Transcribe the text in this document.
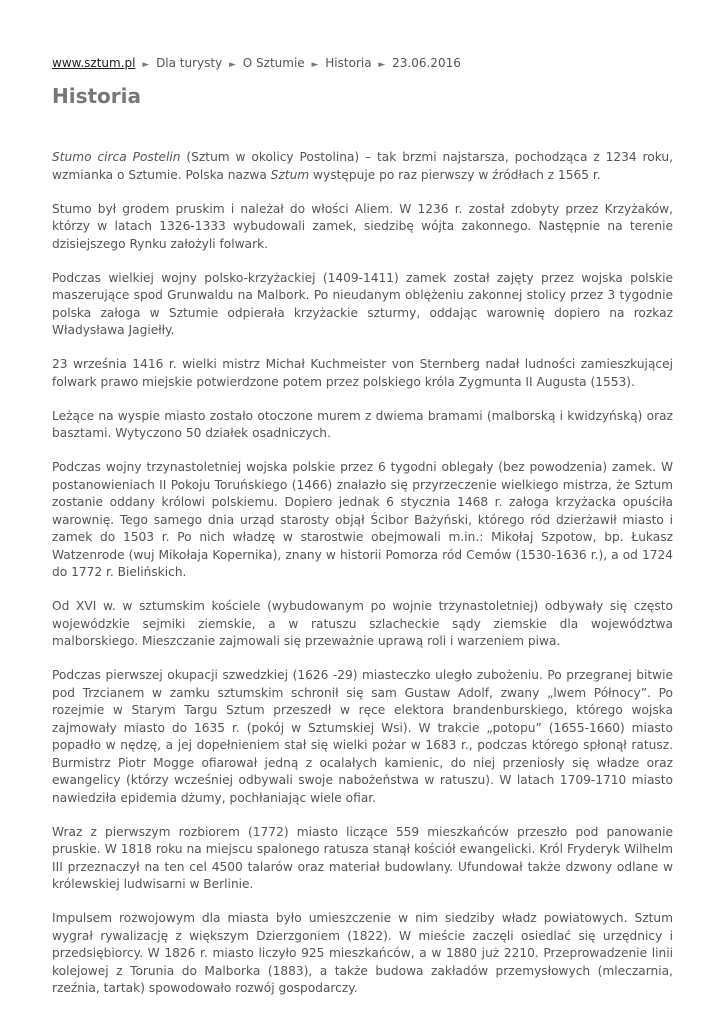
www.sztum.pl ► Dla turysty ► O Sztumie ► Historia ► 23.06.2016
Historia

Stumo circa Postelin (Sztum w okolicy Postolina) – tak brzmi najstarsza, pochodząca z 1234 roku, wzmianka o Sztumie. Polska nazwa Sztum występuje po raz pierwszy w źródłach z 1565 r.

Stumo był grodem pruskim i należał do włości Aliem. W 1236 r. został zdobyty przez Krzyżaków, którzy w latach 1326-1333 wybudowali zamek, siedzibę wójta zakonnego. Następnie na terenie dzisiejszego Rynku założyli folwark.

Podczas wielkiej wojny polsko-krzyżackiej (1409-1411) zamek został zajęty przez wojska polskie maszerujące spod Grunwaldu na Malbork. Po nieudanym oblężeniu zakonnej stolicy przez 3 tygodnie polska załoga w Sztumie odpierała krzyżackie szturmy, oddając warownię dopiero na rozkaz Władysława Jagiełły.

23 września 1416 r. wielki mistrz Michał Kuchmeister von Sternberg nadał ludności zamieszkującej folwark prawo miejskie potwierdzone potem przez polskiego króla Zygmunta II Augusta (1553).

Leżące na wyspie miasto zostało otoczone murem z dwiema bramami (malborską i kwidzyńską) oraz basztami. Wytyczono 50 działek osadniczych.

Podczas wojny trzynastoletniej wojska polskie przez 6 tygodni oblegały (bez powodzenia) zamek. W postanowieniach II Pokoju Toruńskiego (1466) znalazło się przyrzeczenie wielkiego mistrza, że Sztum zostanie oddany królowi polskiemu. Dopiero jednak 6 stycznia 1468 r. załoga krzyżacka opuściła warownię. Tego samego dnia urząd starosty objął Ścibor Bażyński, którego ród dzierżawił miasto i zamek do 1503 r. Po nich władzę w starostwie obejmowali m.in.: Mikołaj Szpotow, bp. Łukasz Watzenrode (wuj Mikołaja Kopernika), znany w historii Pomorza ród Cemów (1530-1636 r.), a od 1724 do 1772 r. Bielińskich.

Od XVI w. w sztumskim kościele (wybudowanym po wojnie trzynastoletniej) odbywały się często wojewódzkie sejmiki ziemskie, a w ratuszu szlacheckie sądy ziemskie dla województwa malborskiego. Mieszczanie zajmowali się przeważnie uprawą roli i warzeniem piwa.

Podczas pierwszej okupacji szwedzkiej (1626 -29) miasteczko uległo zubożeniu. Po przegranej bitwie pod Trzcianem w zamku sztumskim schronił się sam Gustaw Adolf, zwany „lwem Północy”. Po rozejmie w Starym Targu Sztum przeszedł w ręce elektora brandenburskiego, którego wojska zajmowały miasto do 1635 r. (pokój w Sztumskiej Wsi). W trakcie „potopu” (1655-1660) miasto popadło w nędzę, a jej dopełnieniem stał się wielki pożar w 1683 r., podczas którego spłonął ratusz. Burmistrz Piotr Mogge ofiarował jedną z ocalałych kamienic, do niej przeniosły się władze oraz ewangelicy (którzy wcześniej odbywali swoje nabożeństwa w ratuszu). W latach 1709-1710 miasto nawiedziła epidemia dżumy, pochłaniając wiele ofiar.

Wraz z pierwszym rozbiorem (1772) miasto liczące 559 mieszkańców przeszło pod panowanie pruskie. W 1818 roku na miejscu spalonego ratusza stanął kościół ewangelicki. Król Fryderyk Wilhelm III przeznaczył na ten cel 4500 talarów oraz materiał budowlany. Ufundował także dzwony odlane w królewskiej ludwisarni w Berlinie.

Impulsem rozwojowym dla miasta było umieszczenie w nim siedziby władz powiatowych. Sztum wygrał rywalizację z większym Dzierzgoniem (1822). W mieście zaczęli osiedlać się urzędnicy i przedsiębiorcy. W 1826 r. miasto liczyło 925 mieszkańców, a w 1880 już 2210. Przeprowadzenie linii kolejowej z Torunia do Malborka (1883), a także budowa zakładów przemysłowych (mleczarnia, rzeźnia, tartak) spowodowało rozwój gospodarczy.
